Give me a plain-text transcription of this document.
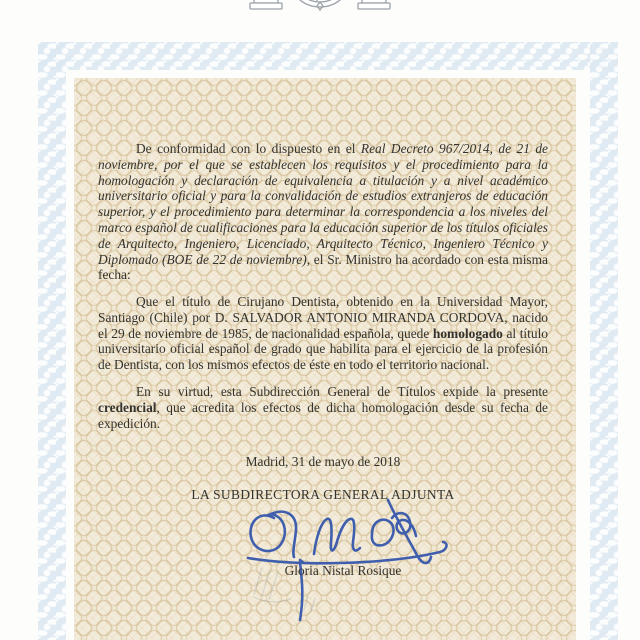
De conformidad con lo dispuesto en el Real Decreto 967/2014, de 21 de noviembre, por el que se establecen los requisitos y el procedimiento para la homologación y declaración de equivalencia a titulación y a nivel académico universitario oficial y para la convalidación de estudios extranjeros de educación superior, y el procedimiento para determinar la correspondencia a los niveles del marco español de cualificaciones para la educación superior de los títulos oficiales de Arquitecto, Ingeniero, Licenciado, Arquitecto Técnico, Ingeniero Técnico y Diplomado (BOE de 22 de noviembre), el Sr. Ministro ha acordado con esta misma fecha:

Que el título de Cirujano Dentista, obtenido en la Universidad Mayor, Santiago (Chile) por D. SALVADOR ANTONIO MIRANDA CORDOVA, nacido el 29 de noviembre de 1985, de nacionalidad española, quede homologado al título universitario oficial español de grado que habilita para el ejercicio de la profesión de Dentista, con los mismos efectos de éste en todo el territorio nacional.

En su virtud, esta Subdirección General de Títulos expide la presente credencial, que acredita los efectos de dicha homologación desde su fecha de expedición.

Madrid, 31 de mayo de 2018

LA SUBDIRECTORA GENERAL ADJUNTA

Gloria Nistal Rosique
